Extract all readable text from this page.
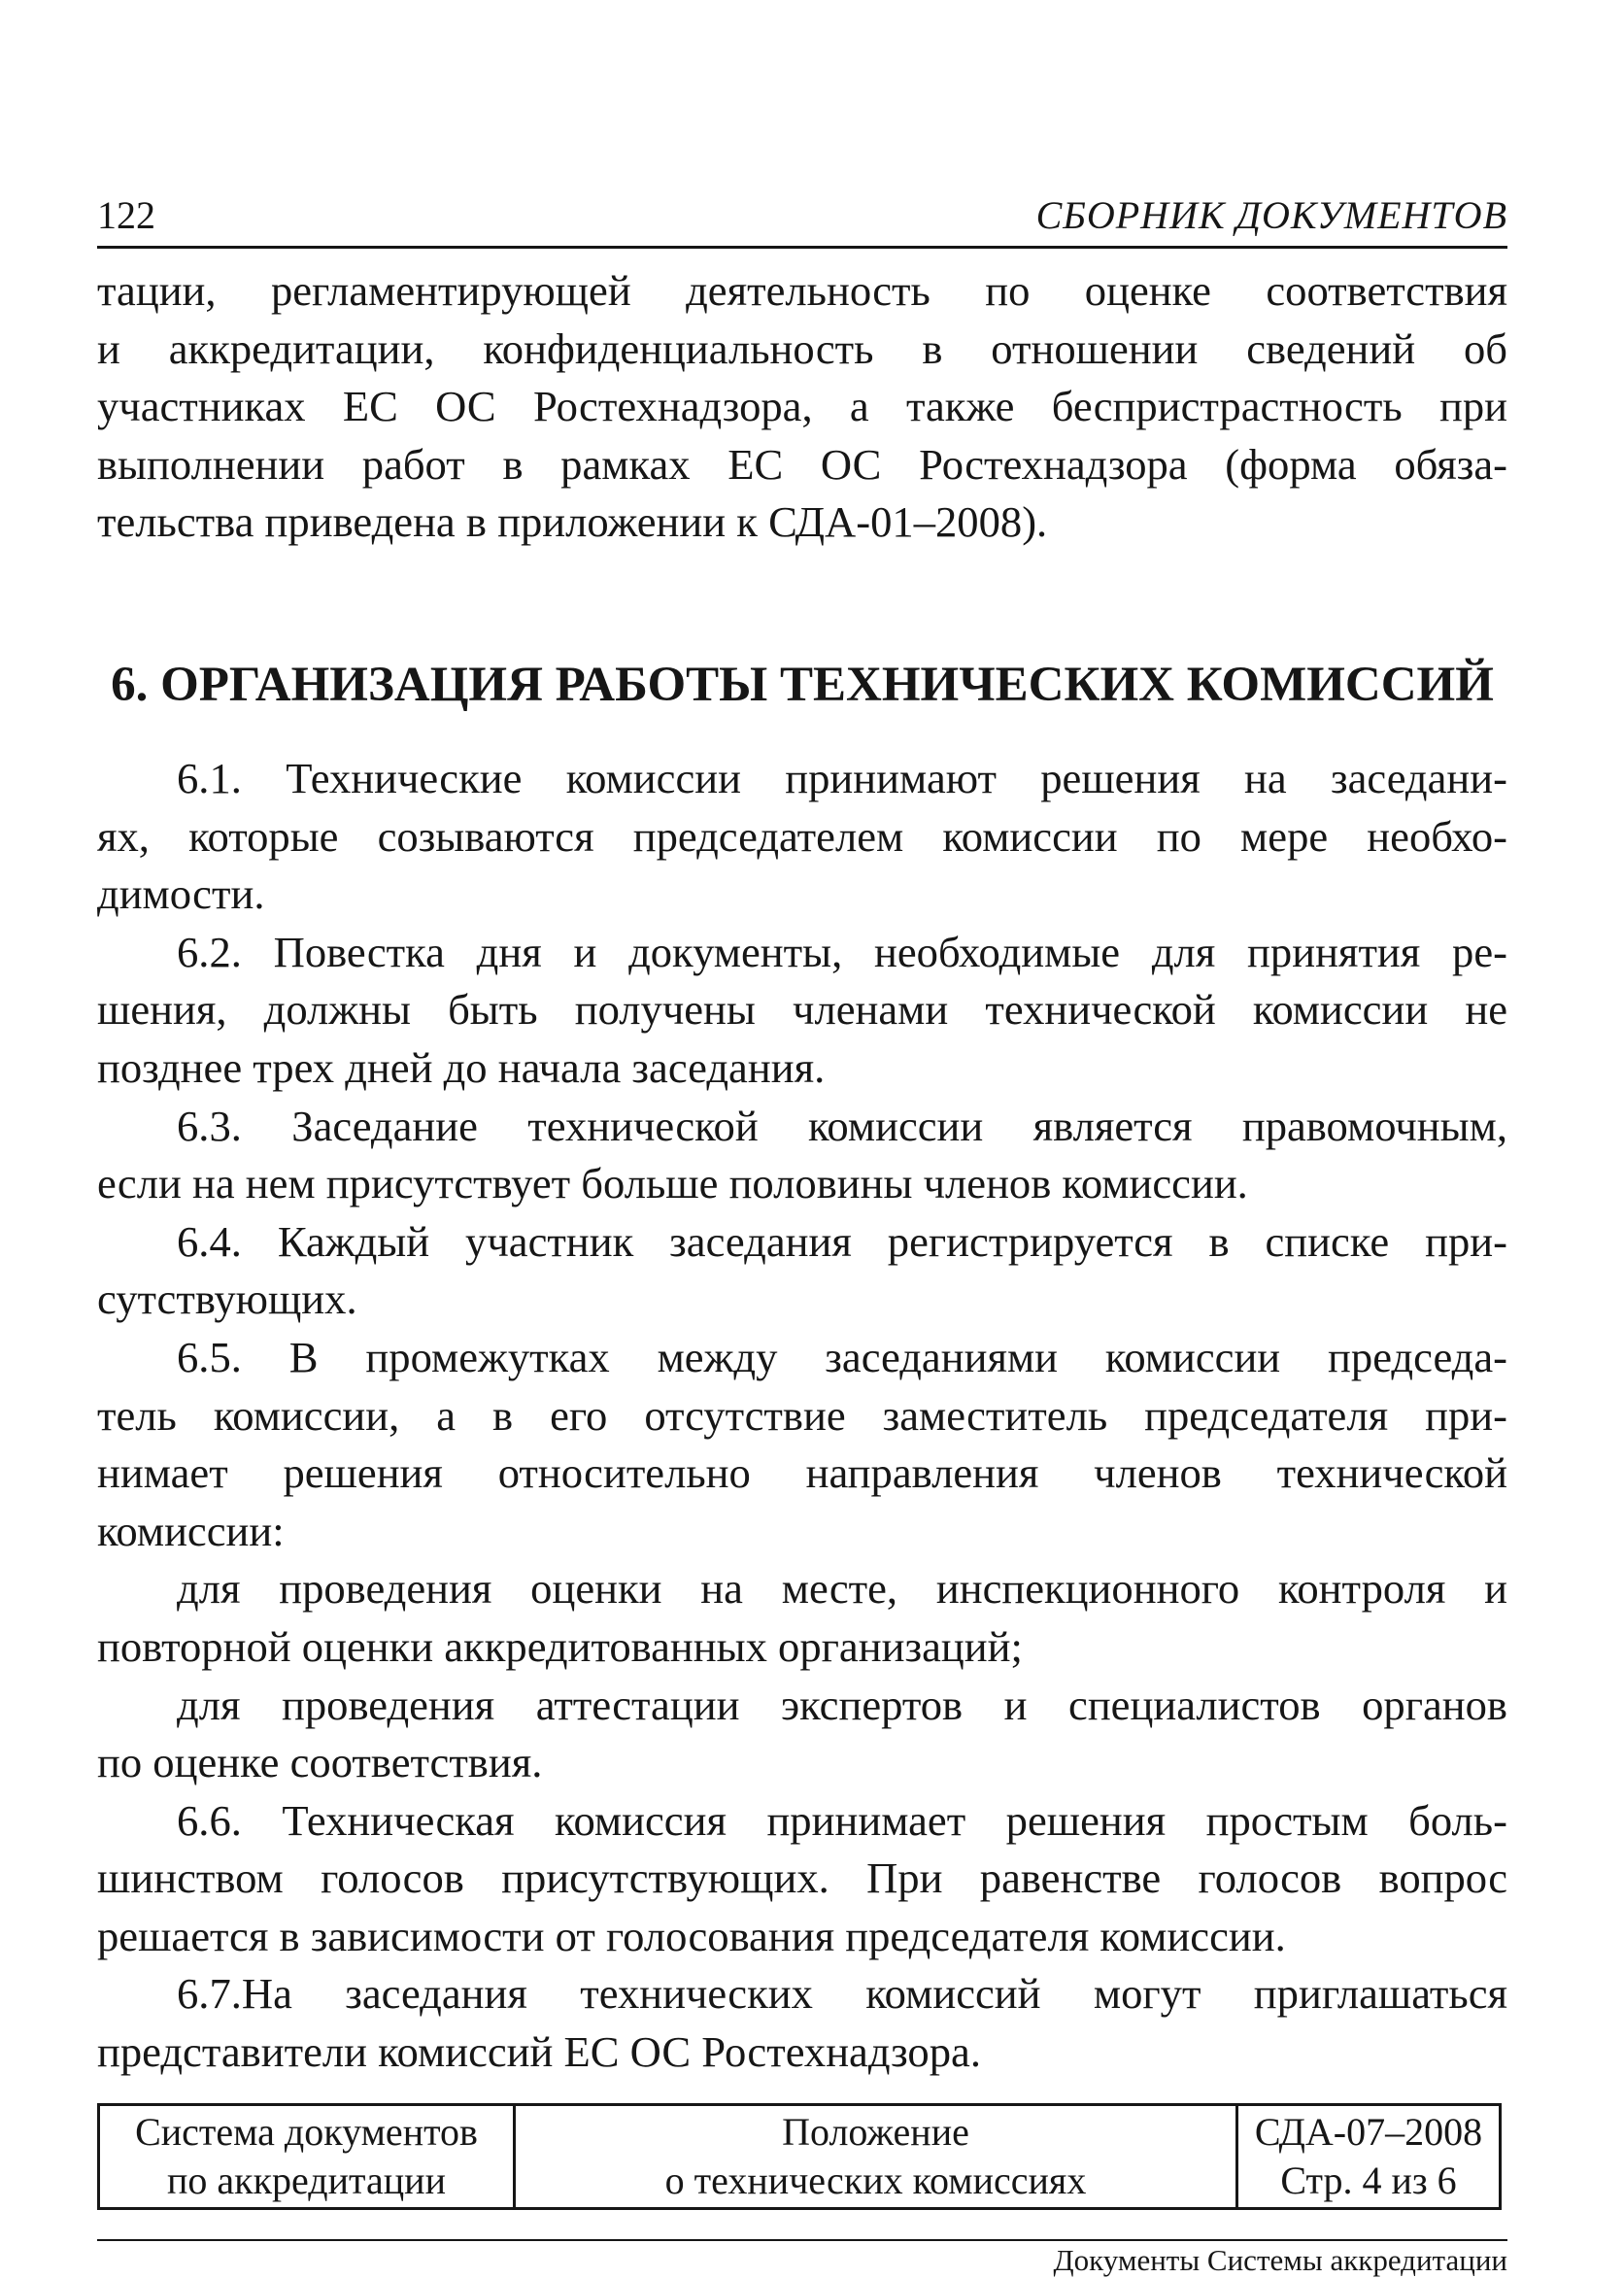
122	СБОРНИК ДОКУМЕНТОВ
тации, регламентирующей деятельность по оценке соответствия
и аккредитации, конфиденциальность в отношении сведений об
участниках ЕС ОС Ростехнадзора, а также беспристрастность при
выполнении работ в рамках ЕС ОС Ростехнадзора (форма обяза-
тельства приведена в приложении к СДА-01–2008).
6. ОРГАНИЗАЦИЯ РАБОТЫ ТЕХНИЧЕСКИХ КОМИССИЙ
6.1. Технические комиссии принимают решения на заседани-
ях, которые созываются председателем комиссии по мере необхо-
димости.
6.2. Повестка дня и документы, необходимые для принятия ре-
шения, должны быть получены членами технической комиссии не
позднее трех дней до начала заседания.
6.3. Заседание технической комиссии является правомочным,
если на нем присутствует больше половины членов комиссии.
6.4. Каждый участник заседания регистрируется в списке при-
сутствующих.
6.5. В промежутках между заседаниями комиссии председа-
тель комиссии, а в его отсутствие заместитель председателя при-
нимает решения относительно направления членов технической
комиссии:
для проведения оценки на месте, инспекционного контроля и
повторной оценки аккредитованных организаций;
для проведения аттестации экспертов и специалистов органов
по оценке соответствия.
6.6. Техническая комиссия принимает решения простым боль-
шинством голосов присутствующих. При равенстве голосов вопрос
решается в зависимости от голосования председателя комиссии.
6.7.На заседания технических комиссий могут приглашаться
представители комиссий ЕС ОС Ростехнадзора.
Система документов
по аккредитации
Положение
о технических комиссиях
СДА-07–2008
Стр. 4 из 6
Документы Системы аккредитации
